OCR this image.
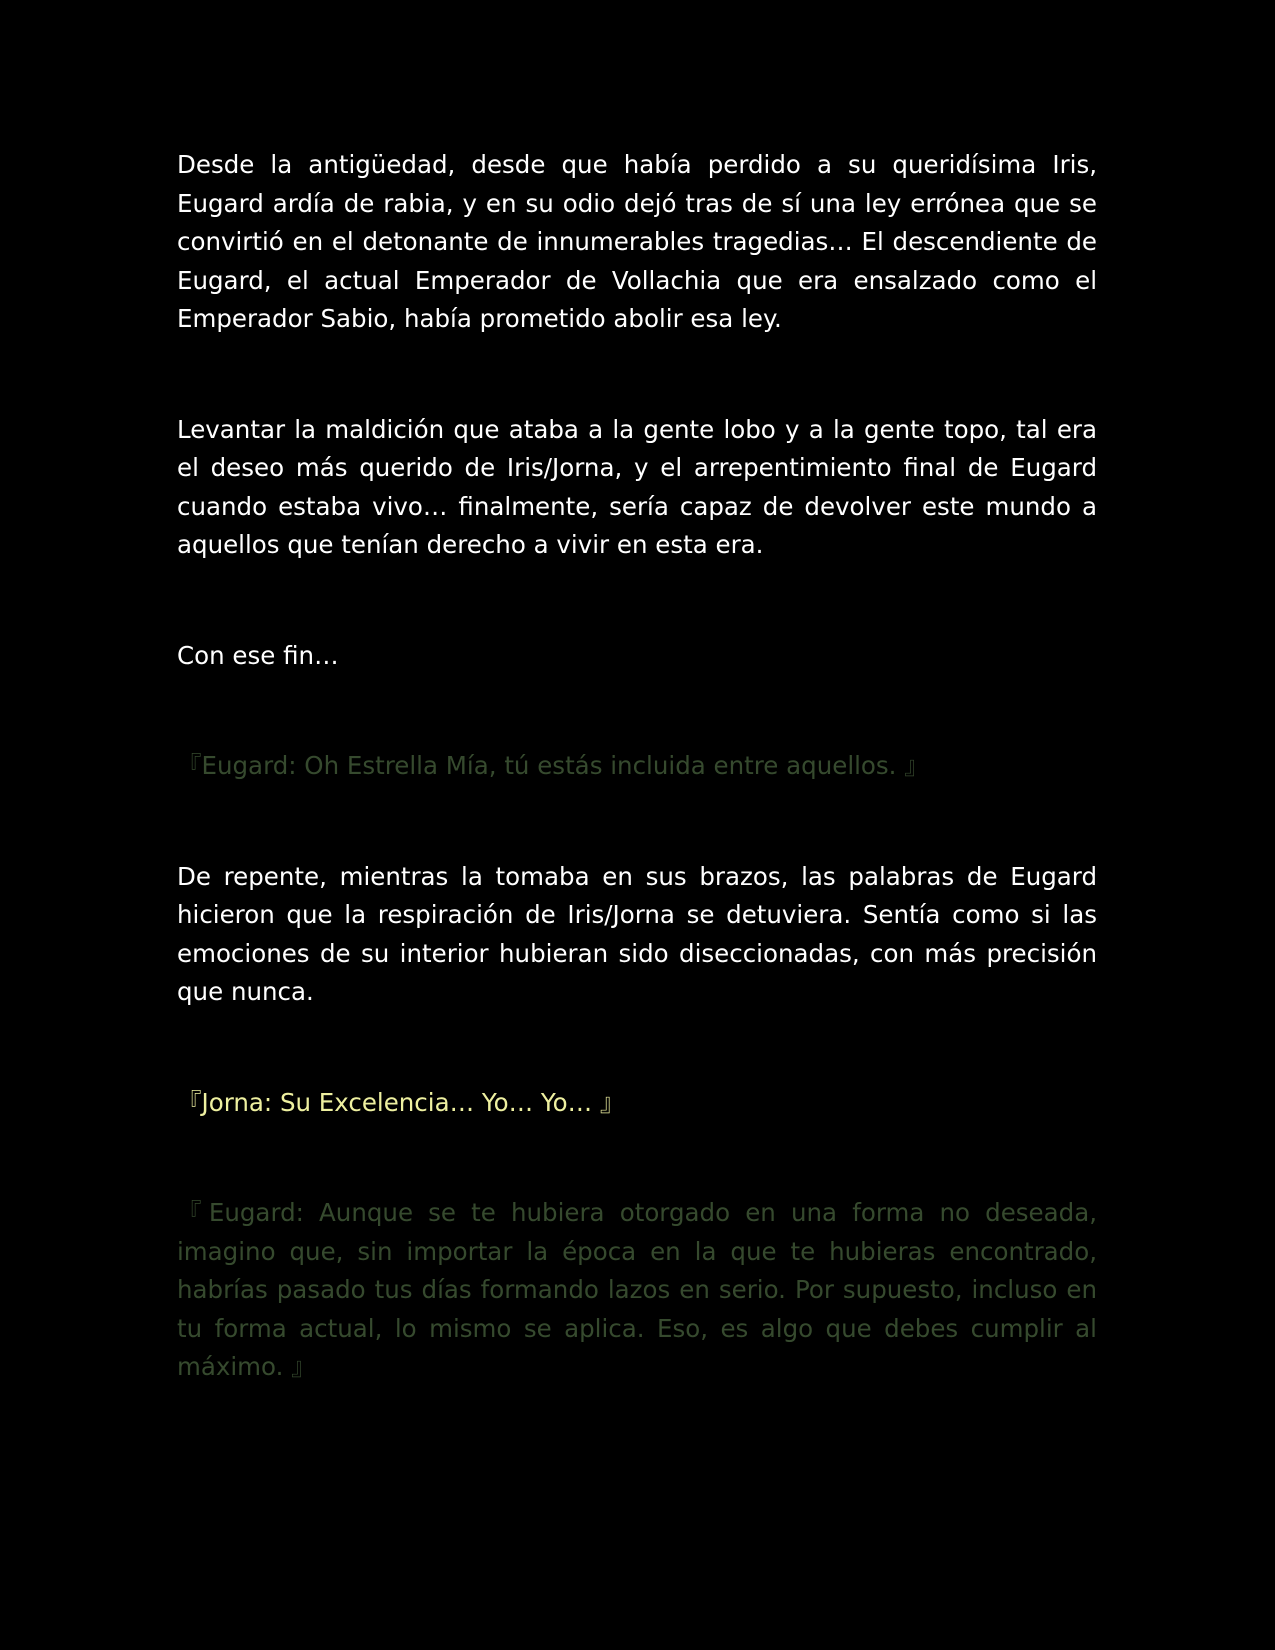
Desde la antigüedad, desde que había perdido a su queridísima Iris, Eugard ardía de rabia, y en su odio dejó tras de sí una ley errónea que se convirtió en el detonante de innumerables tragedias… El descendiente de Eugard, el actual Emperador de Vollachia que era ensalzado como el Emperador Sabio, había prometido abolir esa ley.

Levantar la maldición que ataba a la gente lobo y a la gente topo, tal era el deseo más querido de Iris/Jorna, y el arrepentimiento final de Eugard cuando estaba vivo… finalmente, sería capaz de devolver este mundo a aquellos que tenían derecho a vivir en esta era.

Con ese fin…

『Eugard: Oh Estrella Mía, tú estás incluida entre aquellos. 』

De repente, mientras la tomaba en sus brazos, las palabras de Eugard hicieron que la respiración de Iris/Jorna se detuviera. Sentía como si las emociones de su interior hubieran sido diseccionadas, con más precisión que nunca.

『Jorna: Su Excelencia… Yo… Yo… 』

『Eugard: Aunque se te hubiera otorgado en una forma no deseada, imagino que, sin importar la época en la que te hubieras encontrado, habrías pasado tus días formando lazos en serio. Por supuesto, incluso en tu forma actual, lo mismo se aplica. Eso, es algo que debes cumplir al máximo. 』
